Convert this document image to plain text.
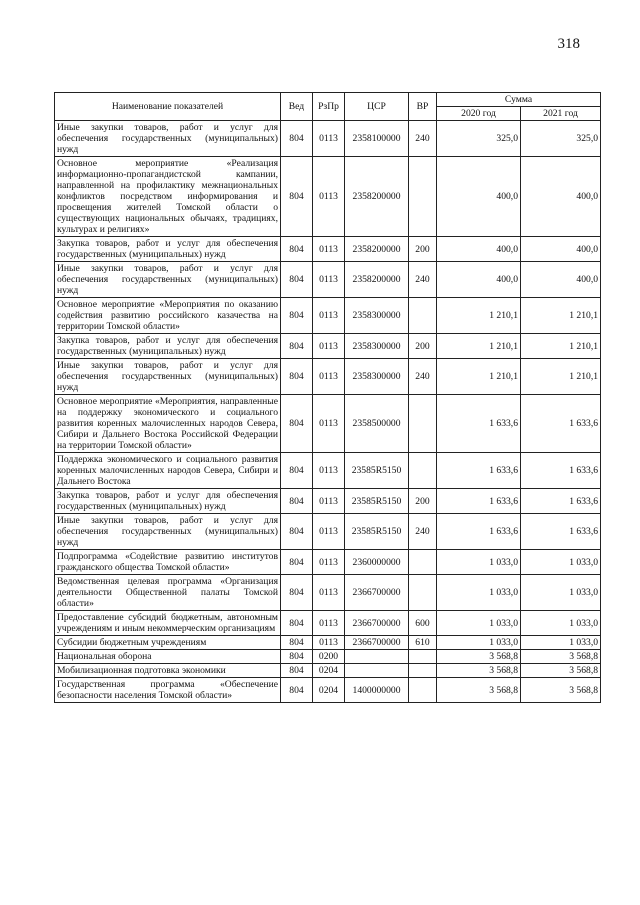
318
Наименование показателей	Вед	РзПр	ЦСР	ВР	Сумма	
					2020 год	2021 год
Иные закупки товаров, работ и услуг для обеспечения государственных (муниципальных) нужд	804	0113	2358100000	240	325,0	325,0
Основное мероприятие «Реализация информационно-пропагандистской кампании, направленной на профилактику межнациональных конфликтов посредством информирования и просвещения жителей Томской области о существующих национальных обычаях, традициях, культурах и религиях»	804	0113	2358200000		400,0	400,0
Закупка товаров, работ и услуг для обеспечения государственных (муниципальных) нужд	804	0113	2358200000	200	400,0	400,0
Иные закупки товаров, работ и услуг для обеспечения государственных (муниципальных) нужд	804	0113	2358200000	240	400,0	400,0
Основное мероприятие «Мероприятия по оказанию содействия развитию российского казачества на территории Томской области»	804	0113	2358300000		1 210,1	1 210,1
Закупка товаров, работ и услуг для обеспечения государственных (муниципальных) нужд	804	0113	2358300000	200	1 210,1	1 210,1
Иные закупки товаров, работ и услуг для обеспечения государственных (муниципальных) нужд	804	0113	2358300000	240	1 210,1	1 210,1
Основное мероприятие «Мероприятия, направленные на поддержку экономического и социального развития коренных малочисленных народов Севера, Сибири и Дальнего Востока Российской Федерации на территории Томской области»	804	0113	2358500000		1 633,6	1 633,6
Поддержка экономического и социального развития коренных малочисленных народов Севера, Сибири и Дальнего Востока	804	0113	23585R5150		1 633,6	1 633,6
Закупка товаров, работ и услуг для обеспечения государственных (муниципальных) нужд	804	0113	23585R5150	200	1 633,6	1 633,6
Иные закупки товаров, работ и услуг для обеспечения государственных (муниципальных) нужд	804	0113	23585R5150	240	1 633,6	1 633,6
Подпрограмма «Содействие развитию институтов гражданского общества Томской области»	804	0113	2360000000		1 033,0	1 033,0
Ведомственная целевая программа «Организация деятельности Общественной палаты Томской области»	804	0113	2366700000		1 033,0	1 033,0
Предоставление субсидий бюджетным, автономным учреждениям и иным некоммерческим организациям	804	0113	2366700000	600	1 033,0	1 033,0
Субсидии бюджетным учреждениям	804	0113	2366700000	610	1 033,0	1 033,0
Национальная оборона	804	0200			3 568,8	3 568,8
Мобилизационная подготовка экономики	804	0204			3 568,8	3 568,8
Государственная программа «Обеспечение безопасности населения Томской области»	804	0204	1400000000		3 568,8	3 568,8
